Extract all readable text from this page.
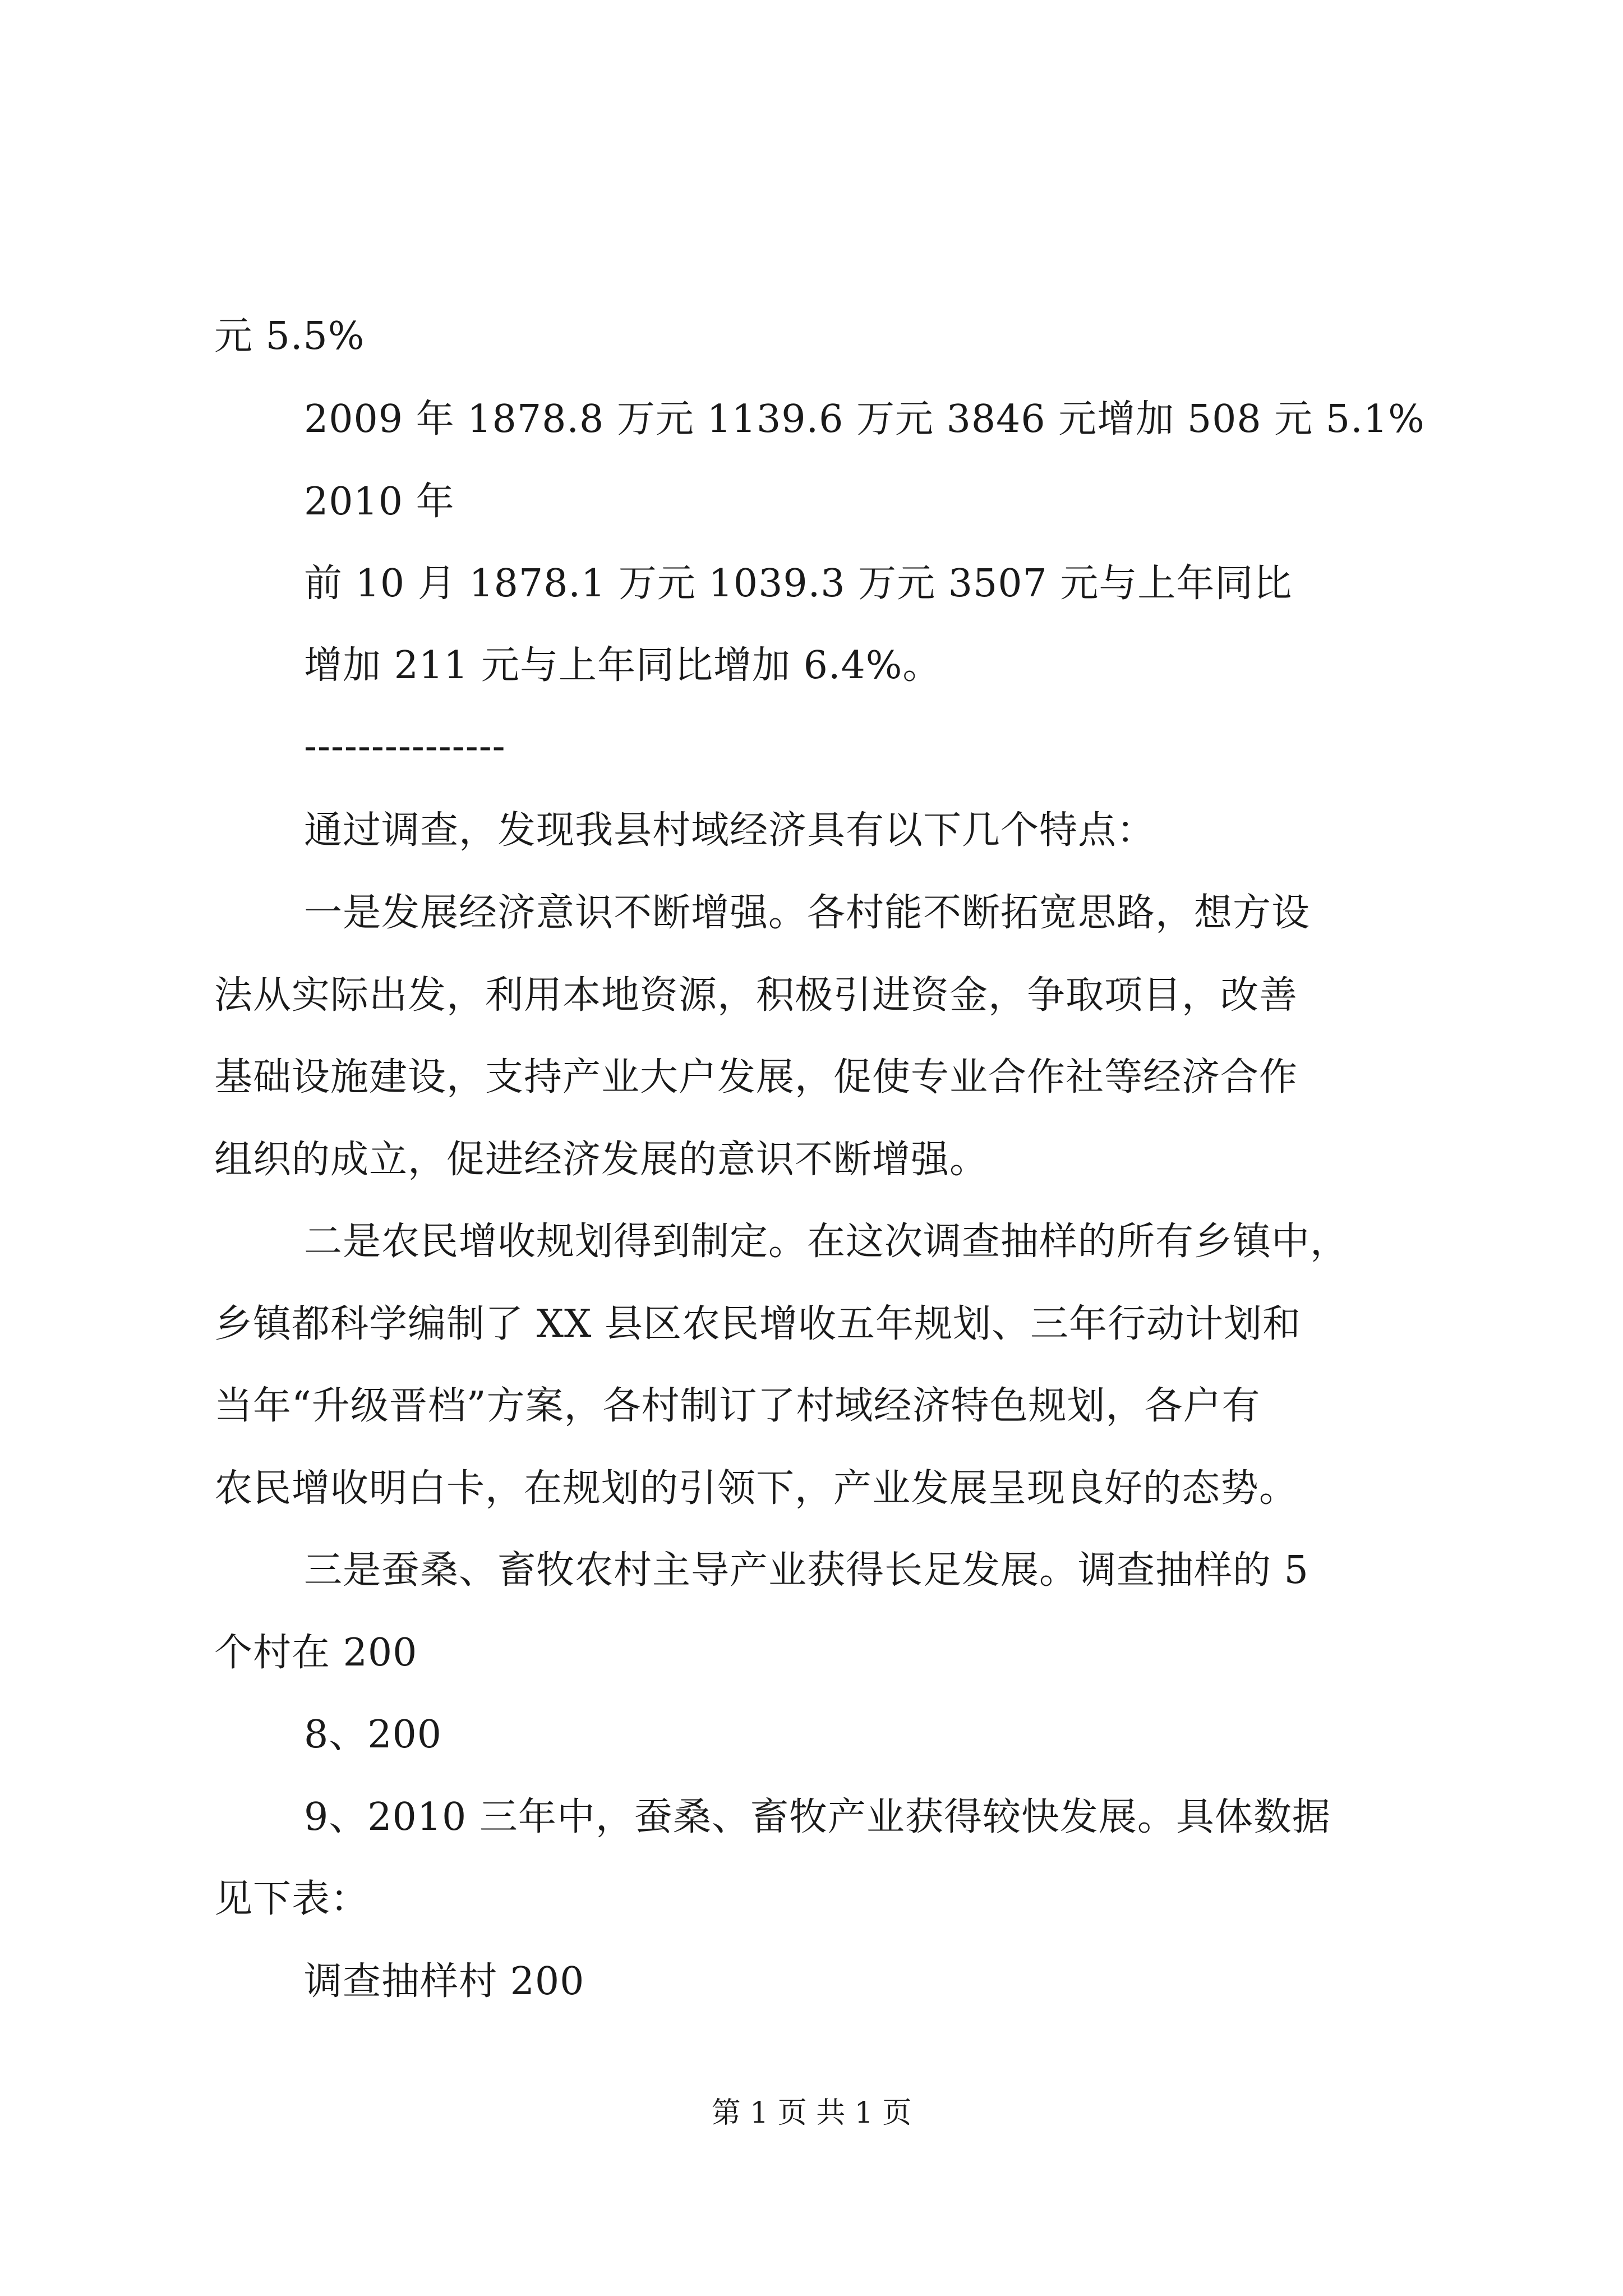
元 5.5%
2009 年 1878.8 万元 1139.6 万元 3846 元增加 508 元 5.1%
2010 年
前 10 月 1878.1 万元 1039.3 万元 3507 元与上年同比
增加 211 元与上年同比增加 6.4%。
---------------
通过调查，发现我县村域经济具有以下几个特点：
一是发展经济意识不断增强。各村能不断拓宽思路，想方设
法从实际出发，利用本地资源，积极引进资金，争取项目，改善
基础设施建设，支持产业大户发展，促使专业合作社等经济合作
组织的成立，促进经济发展的意识不断增强。
二是农民增收规划得到制定。在这次调查抽样的所有乡镇中，
乡镇都科学编制了 XX 县区农民增收五年规划、三年行动计划和
当年“升级晋档”方案，各村制订了村域经济特色规划，各户有
农民增收明白卡，在规划的引领下，产业发展呈现良好的态势。
三是蚕桑、畜牧农村主导产业获得长足发展。调查抽样的 5
个村在 200
8、200
9、2010 三年中，蚕桑、畜牧产业获得较快发展。具体数据
见下表：
调查抽样村 200
第 1 页 共 1 页
